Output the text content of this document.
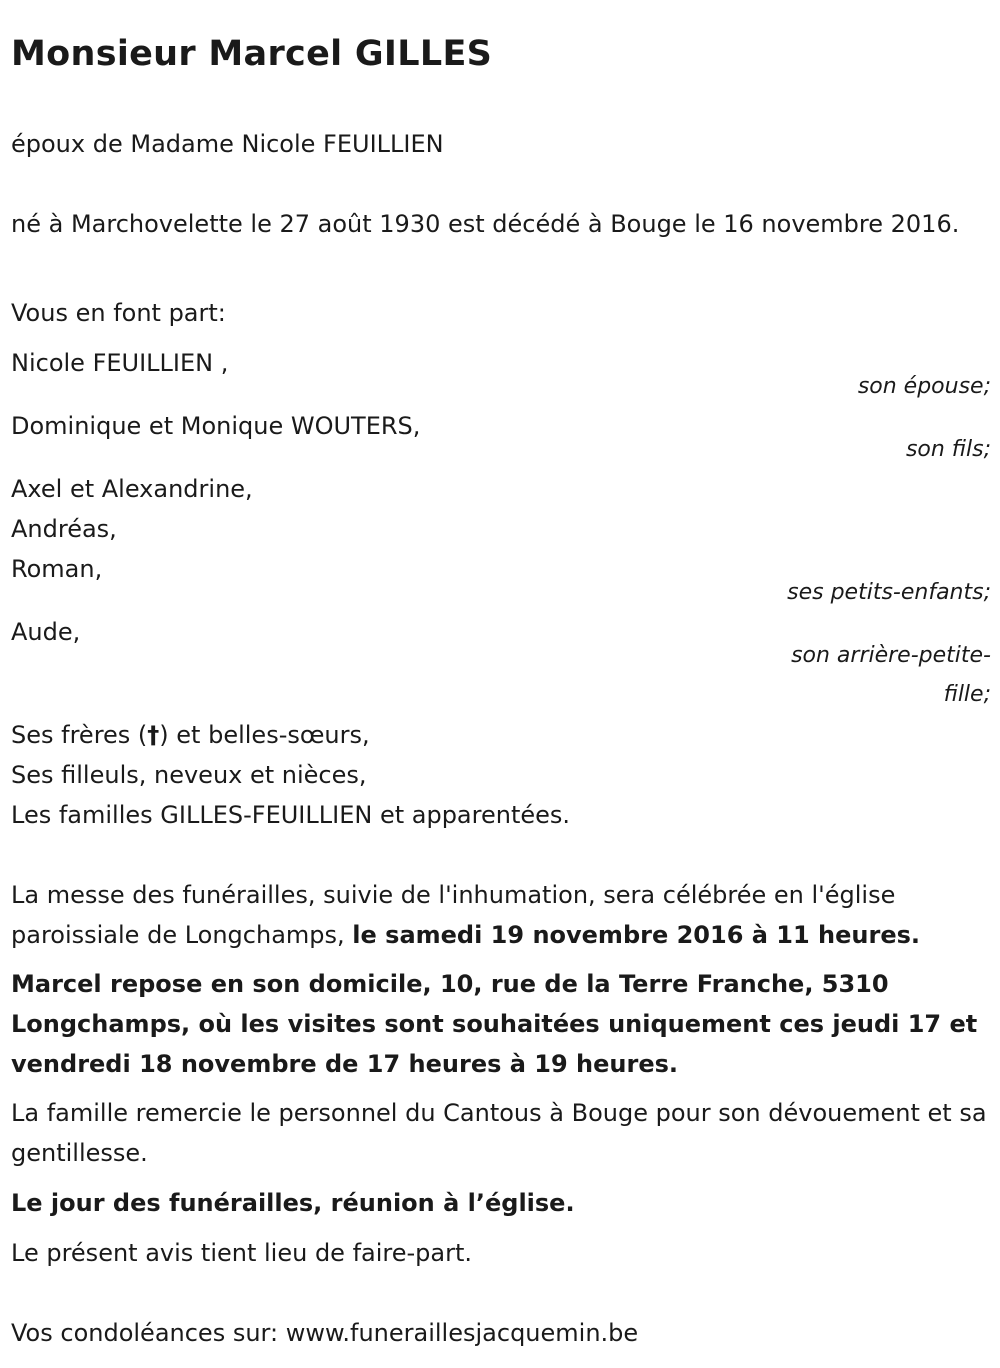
Monsieur Marcel GILLES
époux de Madame Nicole FEUILLIEN
né à Marchovelette le 27 août 1930 est décédé à Bouge le 16 novembre 2016.
Vous en font part:
Nicole FEUILLIEN ,
son épouse;
Dominique et Monique WOUTERS,
son fils;
Axel et Alexandrine,
Andréas,
Roman,
ses petits-enfants;
Aude,
son arrière-petite-
fille;
Ses frères (†) et belles-sœurs,
Ses filleuls, neveux et nièces,
Les familles GILLES-FEUILLIEN et apparentées.
La messe des funérailles, suivie de l'inhumation, sera célébrée en l'église paroissiale de Longchamps, le samedi 19 novembre 2016 à 11 heures.
Marcel repose en son domicile, 10, rue de la Terre Franche, 5310 Longchamps, où les visites sont souhaitées uniquement ces jeudi 17 et vendredi 18 novembre de 17 heures à 19 heures.
La famille remercie le personnel du Cantous à Bouge pour son dévouement et sa gentillesse.
Le jour des funérailles, réunion à l’église.
Le présent avis tient lieu de faire-part.
Vos condoléances sur: www.funeraillesjacquemin.be
